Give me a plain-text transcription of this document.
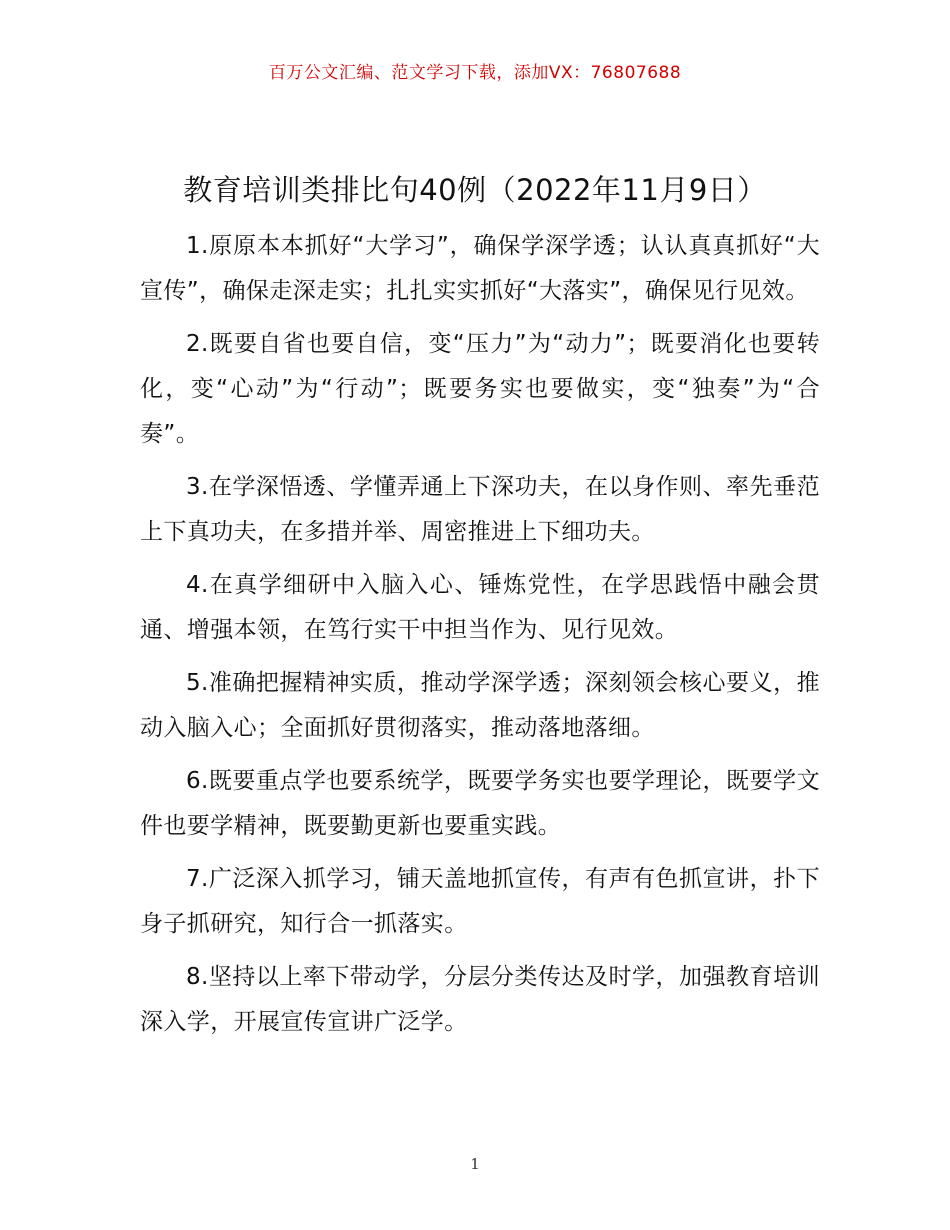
百万公文汇编、范文学习下载，添加VX：76807688
教育培训类排比句40例（2022年11月9日）

1.原原本本抓好“大学习”，确保学深学透；认认真真抓好“大宣传”，确保走深走实；扎扎实实抓好“大落实”，确保见行见效。

2.既要自省也要自信，变“压力”为“动力”；既要消化也要转化，变“心动”为“行动”；既要务实也要做实，变“独奏”为“合奏”。

3.在学深悟透、学懂弄通上下深功夫，在以身作则、率先垂范上下真功夫，在多措并举、周密推进上下细功夫。

4.在真学细研中入脑入心、锤炼党性，在学思践悟中融会贯通、增强本领，在笃行实干中担当作为、见行见效。

5.准确把握精神实质，推动学深学透；深刻领会核心要义，推动入脑入心；全面抓好贯彻落实，推动落地落细。

6.既要重点学也要系统学，既要学务实也要学理论，既要学文件也要学精神，既要勤更新也要重实践。

7.广泛深入抓学习，铺天盖地抓宣传，有声有色抓宣讲，扑下身子抓研究，知行合一抓落实。

8.坚持以上率下带动学，分层分类传达及时学，加强教育培训深入学，开展宣传宣讲广泛学。

1
